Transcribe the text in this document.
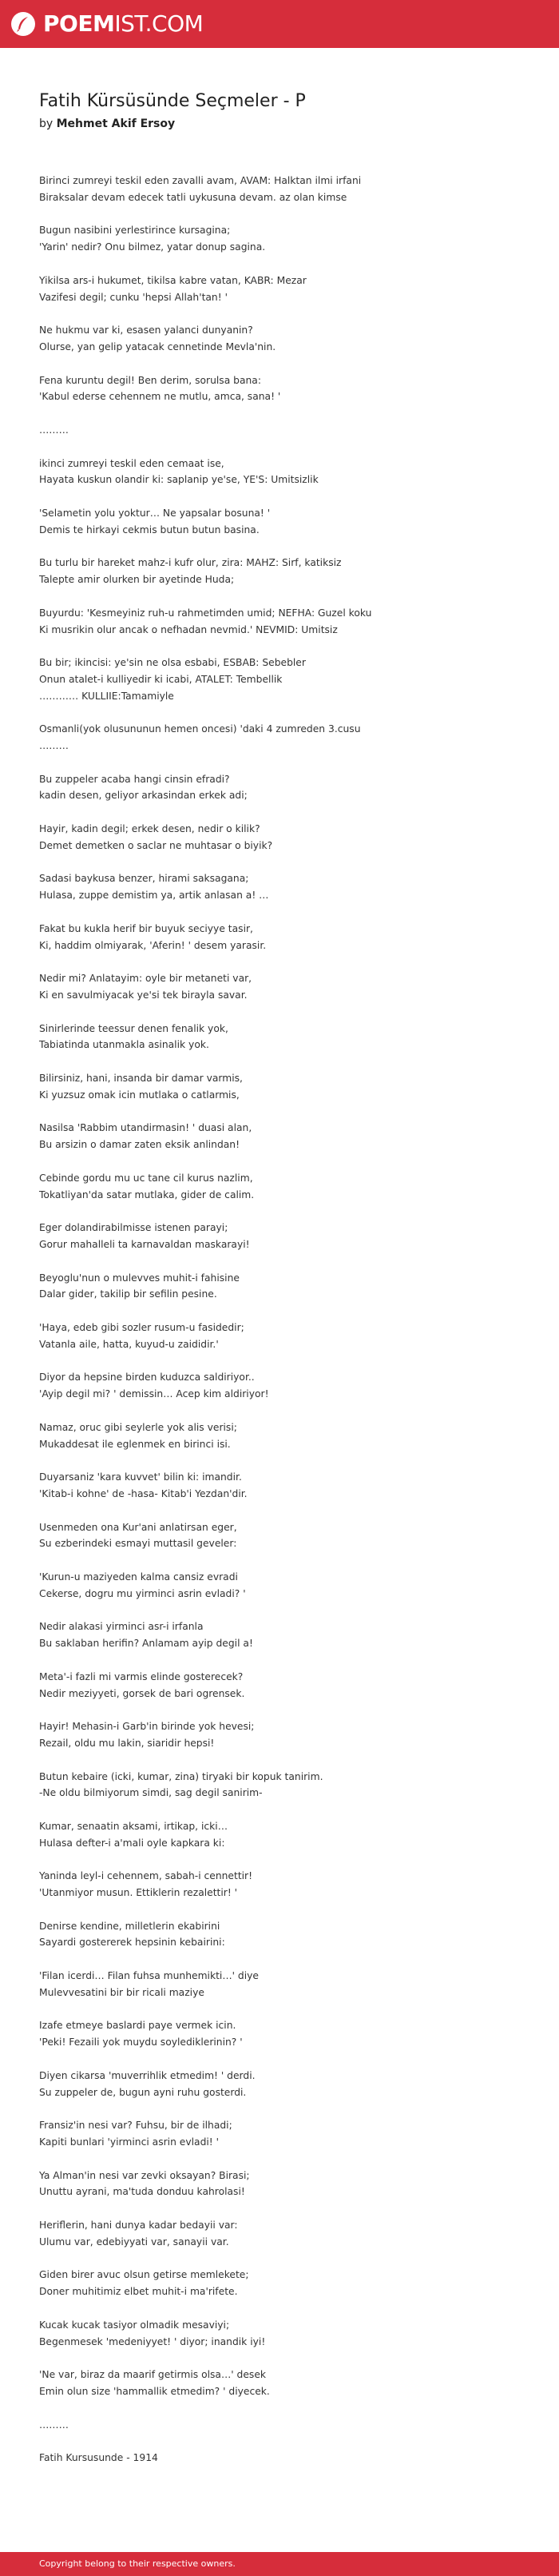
POEMIST.COM
Fatih Kürsüsünde Seçmeler - P
by Mehmet Akif Ersoy

Birinci zumreyi teskil eden zavalli avam, AVAM: Halktan ilmi irfani
Biraksalar devam edecek tatli uykusuna devam. az olan kimse

Bugun nasibini yerlestirince kursagina;
'Yarin' nedir? Onu bilmez, yatar donup sagina.

Yikilsa ars-i hukumet, tikilsa kabre vatan, KABR: Mezar
Vazifesi degil; cunku 'hepsi Allah'tan! '

Ne hukmu var ki, esasen yalanci dunyanin?
Olurse, yan gelip yatacak cennetinde Mevla'nin.

Fena kuruntu degil! Ben derim, sorulsa bana:
'Kabul ederse cehennem ne mutlu, amca, sana! '

………

ikinci zumreyi teskil eden cemaat ise,
Hayata kuskun olandir ki: saplanip ye'se, YE'S: Umitsizlik

'Selametin yolu yoktur… Ne yapsalar bosuna! '
Demis te hirkayi cekmis butun butun basina.

Bu turlu bir hareket mahz-i kufr olur, zira: MAHZ: Sirf, katiksiz
Talepte amir olurken bir ayetinde Huda;

Buyurdu: 'Kesmeyiniz ruh-u rahmetimden umid; NEFHA: Guzel koku
Ki musrikin olur ancak o nefhadan nevmid.' NEVMID: Umitsiz

Bu bir; ikincisi: ye'sin ne olsa esbabi, ESBAB: Sebebler
Onun atalet-i kulliyedir ki icabi, ATALET: Tembellik
………… KULLIIE:Tamamiyle

Osmanli(yok olusununun hemen oncesi) 'daki 4 zumreden 3.cusu
………

Bu zuppeler acaba hangi cinsin efradi?
kadin desen, geliyor arkasindan erkek adi;

Hayir, kadin degil; erkek desen, nedir o kilik?
Demet demetken o saclar ne muhtasar o biyik?

Sadasi baykusa benzer, hirami saksagana;
Hulasa, zuppe demistim ya, artik anlasan a! …

Fakat bu kukla herif bir buyuk seciyye tasir,
Ki, haddim olmiyarak, 'Aferin! ' desem yarasir.

Nedir mi? Anlatayim: oyle bir metaneti var,
Ki en savulmiyacak ye'si tek birayla savar.

Sinirlerinde teessur denen fenalik yok,
Tabiatinda utanmakla asinalik yok.

Bilirsiniz, hani, insanda bir damar varmis,
Ki yuzsuz omak icin mutlaka o catlarmis,

Nasilsa 'Rabbim utandirmasin! ' duasi alan,
Bu arsizin o damar zaten eksik anlindan!

Cebinde gordu mu uc tane cil kurus nazlim,
Tokatliyan'da satar mutlaka, gider de calim.

Eger dolandirabilmisse istenen parayi;
Gorur mahalleli ta karnavaldan maskarayi!

Beyoglu'nun o mulevves muhit-i fahisine
Dalar gider, takilip bir sefilin pesine.

'Haya, edeb gibi sozler rusum-u fasidedir;
Vatanla aile, hatta, kuyud-u zaididir.'

Diyor da hepsine birden kuduzca saldiriyor..
'Ayip degil mi? ' demissin… Acep kim aldiriyor!

Namaz, oruc gibi seylerle yok alis verisi;
Mukaddesat ile eglenmek en birinci isi.

Duyarsaniz 'kara kuvvet' bilin ki: imandir.
'Kitab-i kohne' de -hasa- Kitab'i Yezdan'dir.

Usenmeden ona Kur'ani anlatirsan eger,
Su ezberindeki esmayi muttasil geveler:

'Kurun-u maziyeden kalma cansiz evradi
Cekerse, dogru mu yirminci asrin evladi? '

Nedir alakasi yirminci asr-i irfanla
Bu saklaban herifin? Anlamam ayip degil a!

Meta'-i fazli mi varmis elinde gosterecek?
Nedir meziyyeti, gorsek de bari ogrensek.

Hayir! Mehasin-i Garb'in birinde yok hevesi;
Rezail, oldu mu lakin, siaridir hepsi!

Butun kebaire (icki, kumar, zina) tiryaki bir kopuk tanirim.
-Ne oldu bilmiyorum simdi, sag degil sanirim-

Kumar, senaatin aksami, irtikap, icki…
Hulasa defter-i a'mali oyle kapkara ki:

Yaninda leyl-i cehennem, sabah-i cennettir!
'Utanmiyor musun. Ettiklerin rezalettir! '

Denirse kendine, milletlerin ekabirini
Sayardi gostererek hepsinin kebairini:

'Filan icerdi… Filan fuhsa munhemikti…' diye
Mulevvesatini bir bir ricali maziye

Izafe etmeye baslardi paye vermek icin.
'Peki! Fezaili yok muydu soylediklerinin? '

Diyen cikarsa 'muverrihlik etmedim! ' derdi.
Su zuppeler de, bugun ayni ruhu gosterdi.

Fransiz'in nesi var? Fuhsu, bir de ilhadi;
Kapiti bunlari 'yirminci asrin evladi! '

Ya Alman'in nesi var zevki oksayan? Birasi;
Unuttu ayrani, ma'tuda donduu kahrolasi!

Heriflerin, hani dunya kadar bedayii var:
Ulumu var, edebiyyati var, sanayii var.

Giden birer avuc olsun getirse memlekete;
Doner muhitimiz elbet muhit-i ma'rifete.

Kucak kucak tasiyor olmadik mesaviyi;
Begenmesek 'medeniyyet! ' diyor; inandik iyi!

'Ne var, biraz da maarif getirmis olsa…' desek
Emin olun size 'hammallik etmedim? ' diyecek.

………

Fatih Kursusunde - 1914

Copyright belong to their respective owners.
